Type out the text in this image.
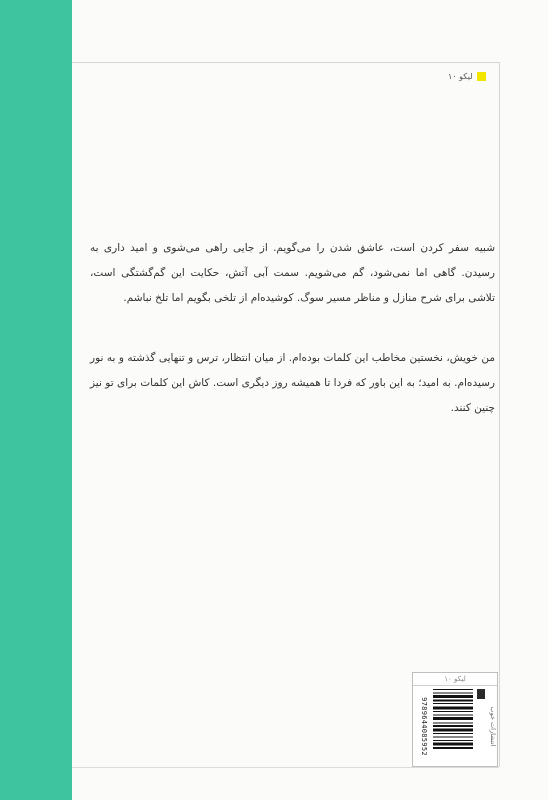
لیکو ۱۰

شبیه سفر کردن است، عاشق شدن را می‌گویم. از جایی راهی می‌شوی و امید داری به رسیدن. گاهی اما نمی‌شود، گم می‌شویم. سمت آبی آتش، حکایت این گم‌گشتگی است، تلاشی برای شرح منازل و مناظر مسیر سوگ. کوشیده‌ام از تلخی بگویم اما تلخ نباشم.

من خویش، نخستین مخاطب این کلمات بوده‌ام. از میان انتظار، ترس و تنهایی گذشته و به نور رسیده‌ام. به امید؛ به این باور که فردا تا همیشه روز دیگری است. کاش این کلمات برای تو نیز چنین کنند.

لیکو ۱۰
انتشارات خوب
9789644085952
